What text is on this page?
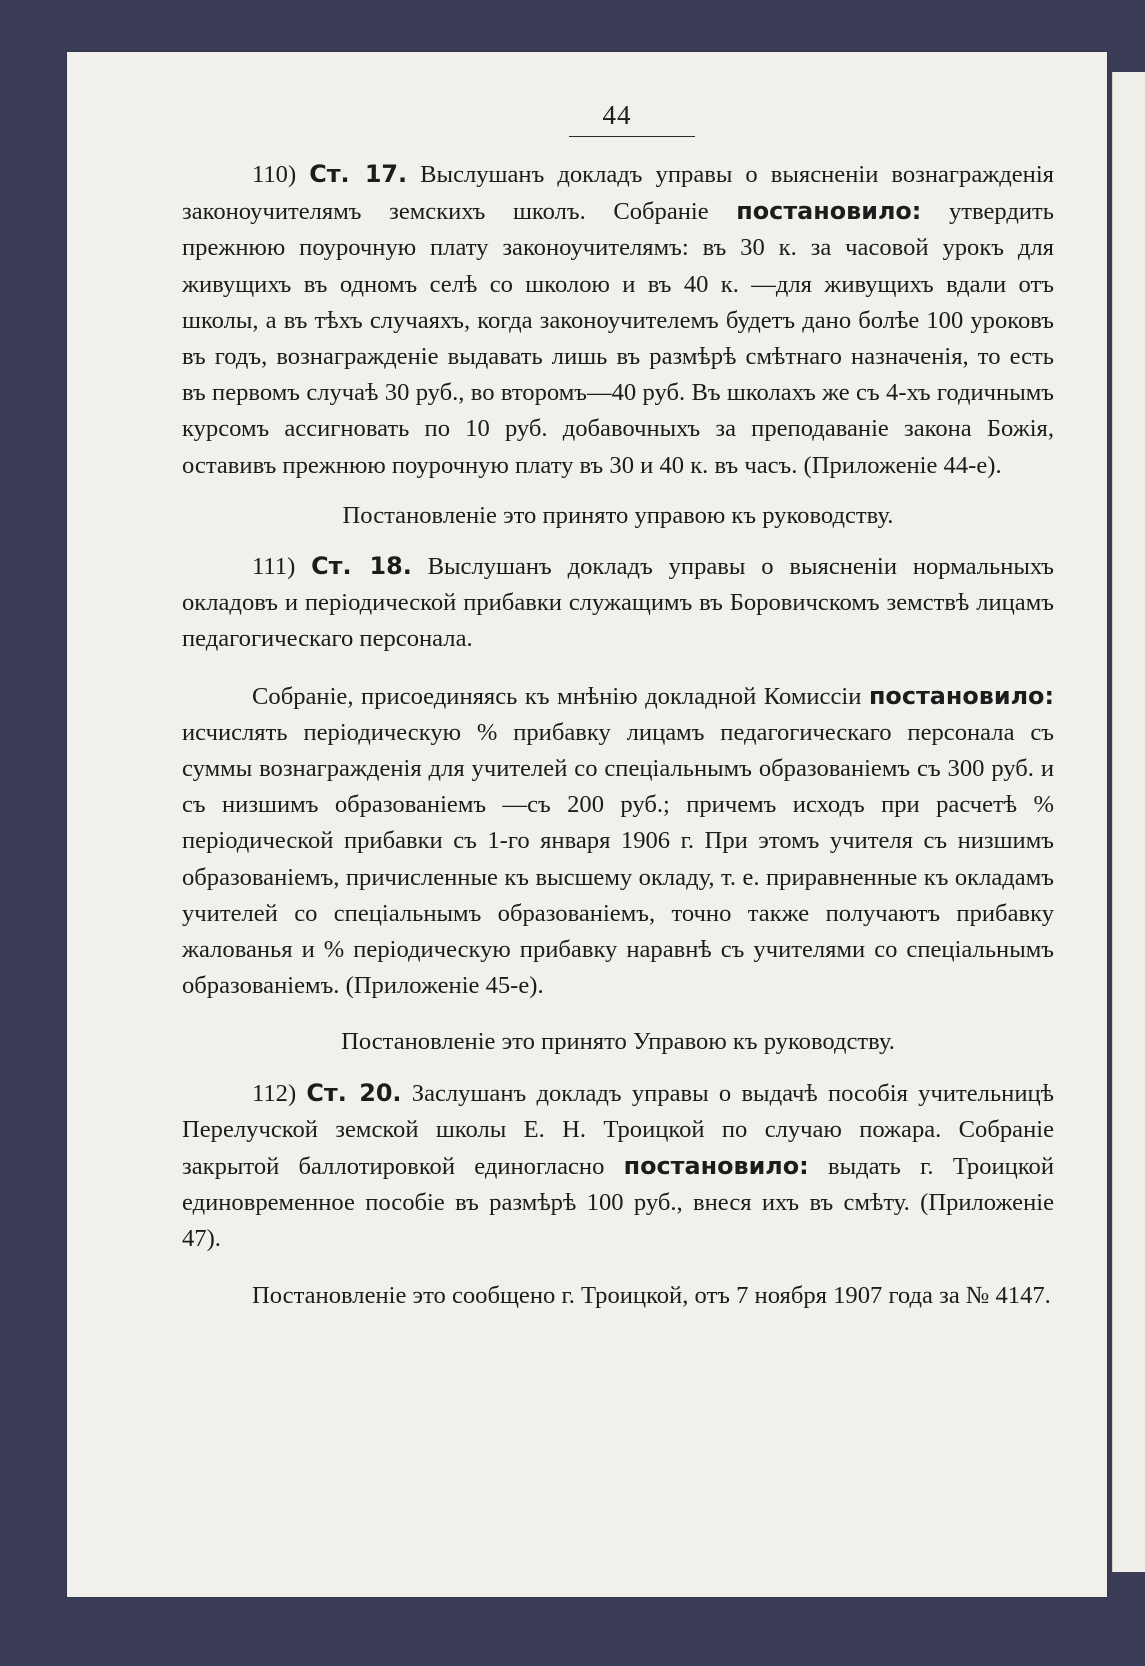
44

110) Ст. 17. Выслушанъ докладъ управы о выясненіи вознагражденія законоучителямъ земскихъ школъ. Собраніе постановило: утвердить прежнюю поурочную плату законоучителямъ: въ 30 к. за часовой урокъ для живущихъ въ одномъ селѣ со школою и въ 40 к. —для живущихъ вдали отъ школы, а въ тѣхъ случаяхъ, когда законоучителемъ будетъ дано болѣе 100 уроковъ въ годъ, вознагражденіе выдавать лишь въ размѣрѣ смѣтнаго назначенія, то есть въ первомъ случаѣ 30 руб., во второмъ—40 руб. Въ школахъ же съ 4-хъ годичнымъ курсомъ ассигновать по 10 руб. добавочныхъ за преподаваніе закона Божія, оставивъ прежнюю поурочную плату въ 30 и 40 к. въ часъ. (Приложеніе 44-е).

Постановленіе это принято управою къ руководству.

111) Ст. 18. Выслушанъ докладъ управы о выясненіи нормальныхъ окладовъ и періодической прибавки служащимъ въ Боровичскомъ земствѣ лицамъ педагогическаго персонала.

Собраніе, присоединяясь къ мнѣнію докладной Комиссіи постановило: исчислять періодическую % прибавку лицамъ педагогическаго персонала съ суммы вознагражденія для учителей со спеціальнымъ образованіемъ съ 300 руб. и съ низшимъ образованіемъ —съ 200 руб.; причемъ исходъ при расчетѣ % періодической прибавки съ 1-го января 1906 г. При этомъ учителя съ низшимъ образованіемъ, причисленные къ высшему окладу, т. е. приравненные къ окладамъ учителей со спеціальнымъ образованіемъ, точно также получаютъ прибавку жалованья и % періодическую прибавку наравнѣ съ учителями со спеціальнымъ образованіемъ. (Приложеніе 45-е).

Постановленіе это принято Управою къ руководству.

112) Ст. 20. Заслушанъ докладъ управы о выдачѣ пособія учительницѣ Перелучской земской школы Е. Н. Троицкой по случаю пожара. Собраніе закрытой баллотировкой единогласно постановило: выдать г. Троицкой единовременное пособіе въ размѣрѣ 100 руб., внеся ихъ въ смѣту. (Приложеніе 47).

Постановленіе это сообщено г. Троицкой, отъ 7 ноября 1907 года за № 4147.
